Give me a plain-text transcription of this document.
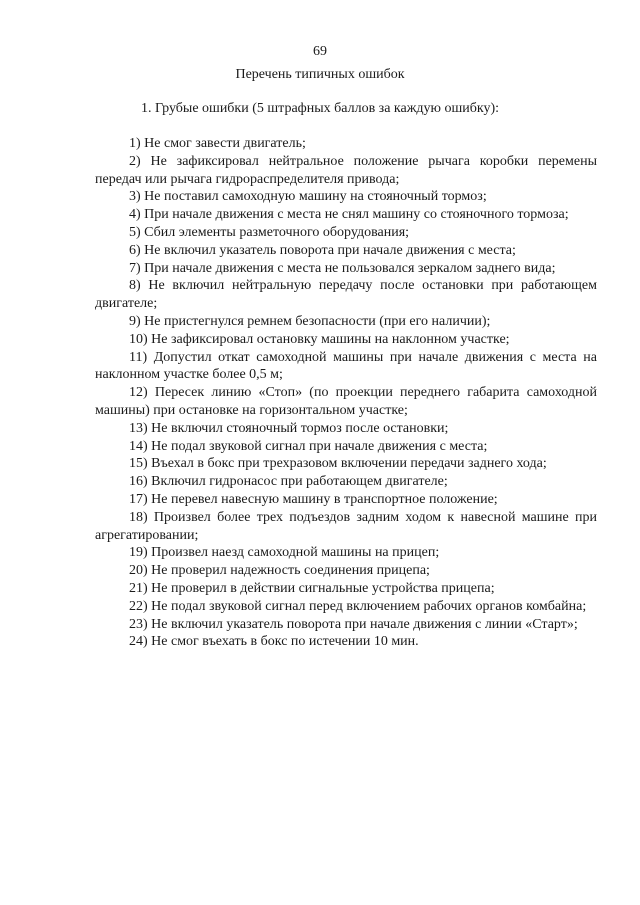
69
Перечень типичных ошибок
1. Грубые ошибки (5 штрафных баллов за каждую ошибку):
1) Не смог завести двигатель;
2) Не зафиксировал нейтральное положение рычага коробки перемены передач или рычага гидрораспределителя привода;
3) Не поставил самоходную машину на стояночный тормоз;
4) При начале движения с места не снял машину со стояночного тормоза;
5) Сбил элементы разметочного оборудования;
6) Не включил указатель поворота при начале движения с места;
7) При начале движения с места не пользовался зеркалом заднего вида;
8) Не включил нейтральную передачу после остановки при работающем двигателе;
9) Не пристегнулся ремнем безопасности (при его наличии);
10) Не зафиксировал остановку машины на наклонном участке;
11) Допустил откат самоходной машины при начале движения с места на наклонном участке более 0,5 м;
12) Пересек линию «Стоп» (по проекции переднего габарита самоходной машины) при остановке на горизонтальном участке;
13) Не включил стояночный тормоз после остановки;
14) Не подал звуковой сигнал при начале движения с места;
15) Въехал в бокс при трехразовом включении передачи заднего хода;
16) Включил гидронасос при работающем двигателе;
17) Не перевел навесную машину в транспортное положение;
18) Произвел более трех подъездов задним ходом к навесной машине при агрегатировании;
19) Произвел наезд самоходной машины на прицеп;
20) Не проверил надежность соединения прицепа;
21) Не проверил в действии сигнальные устройства прицепа;
22) Не подал звуковой сигнал перед включением рабочих органов комбайна;
23) Не включил указатель поворота при начале движения с линии «Старт»;
24) Не смог въехать в бокс по истечении 10 мин.
